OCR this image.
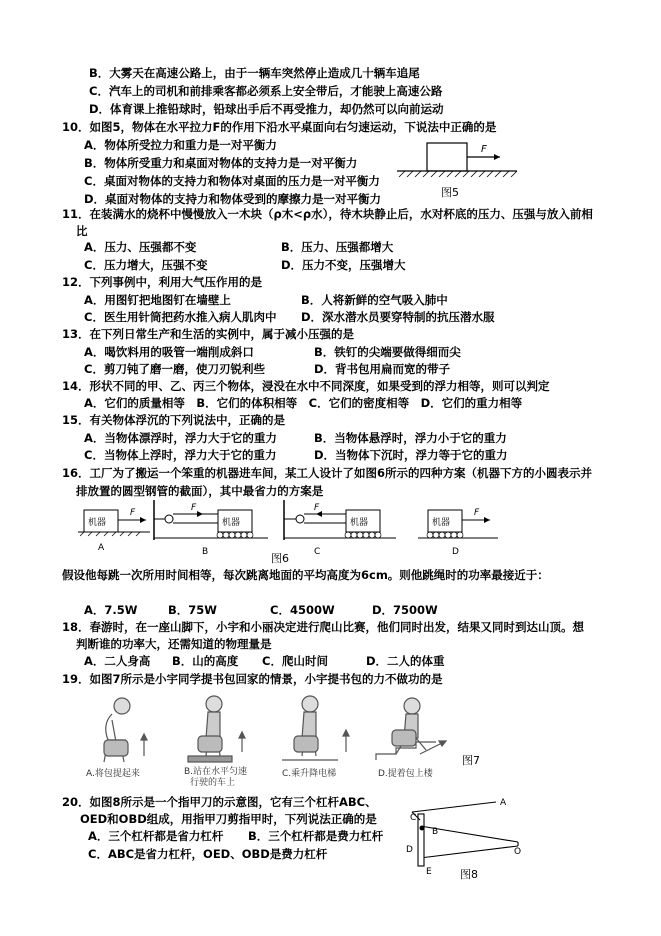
B．大雾天在高速公路上，由于一辆车突然停止造成几十辆车追尾
C．汽车上的司机和前排乘客都必须系上安全带后，才能驶上高速公路
D．体育课上推铅球时，铅球出手后不再受推力，却仍然可以向前运动
10．如图5，物体在水平拉力F的作用下沿水平桌面向右匀速运动，下说法中正确的是
A．物体所受拉力和重力是一对平衡力
B．物体所受重力和桌面对物体的支持力是一对平衡力
C．桌面对物体的支持力和物体对桌面的压力是一对平衡力
D．桌面对物体的支持力和物体受到的摩擦力是一对平衡力
F
图5
11．在装满水的烧杯中慢慢放入一木块（ρ木<ρ水），待木块静止后，水对杯底的压力、压强与放入前相
比
A．压力、压强都不变	B．压力、压强都增大
C．压力增大，压强不变	D．压力不变，压强增大
12．下列事例中，利用大气压作用的是
A．用图钉把地图钉在墙壁上	B．人将新鲜的空气吸入肺中
C．医生用针筒把药水推入病人肌肉中 D．深水潜水员要穿特制的抗压潜水服
13．在下列日常生产和生活的实例中，属于减小压强的是
A．喝饮料用的吸管一端削成斜口	B．铁钉的尖端要做得细而尖
C．剪刀钝了磨一磨，使刀刃锐利些	D．背书包用扁而宽的带子
14．形状不同的甲、乙、丙三个物体，浸没在水中不同深度，如果受到的浮力相等，则可以判定
A．它们的质量相等　B．它们的体积相等　C．它们的密度相等　D．它们的重力相等
15．有关物体浮沉的下列说法中，正确的是
A．当物体漂浮时，浮力大于它的重力	B．当物体悬浮时，浮力小于它的重力
C．当物体上浮时，浮力大于它的重力	D．当物体下沉时，浮力等于它的重力
16．工厂为了搬运一个笨重的机器进车间，某工人设计了如图6所示的四种方案（机器下方的小圆表示并
排放置的圆型钢管的截面），其中最省力的方案是
机器
F
A
F
机器
B
F
机器
C
机器
F
D
图6
假设他每跳一次所用时间相等，每次跳离地面的平均高度为6cm。则他跳绳时的功率最接近于：
A．7.5W	B．75W	C．4500W	D．7500W
18．春游时，在一座山脚下，小宇和小丽决定进行爬山比赛，他们同时出发，结果又同时到达山顶。想
判断谁的功率大，还需知道的物理量是
A．二人身高 B．山的高度 C．爬山时间	D．二人的体重
19．如图7所示是小宇同学提书包回家的情景，小宇提书包的力不做功的是
A.将包提起来	B.站在水平匀速
行驶的车上
C.乘升降电梯	D.提着包上楼
图7
20．如图8所示是一个指甲刀的示意图，它有三个杠杆ABC、
OED和OBD组成，用指甲刀剪指甲时，下列说法正确的是
A．三个杠杆都是省力杠杆 B．三个杠杆都是费力杠杆
C．ABC是省力杠杆，OED、OBD是费力杠杆
A
B
C
D	O
E	图8
